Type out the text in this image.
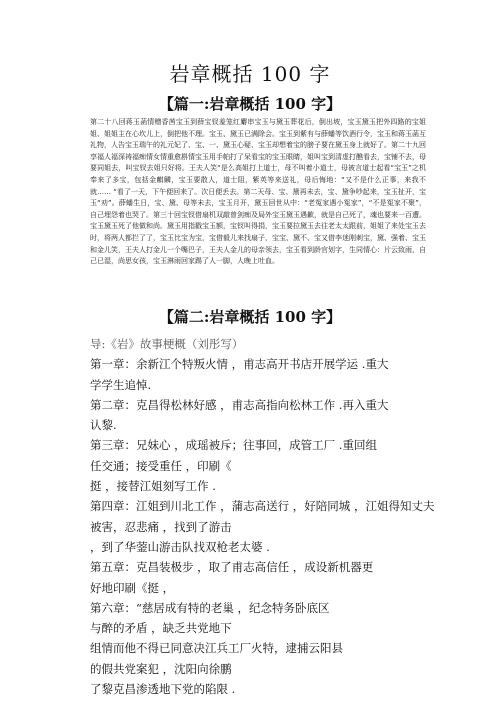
岩章概括 100 字
【篇一:岩章概括 100 字】

第二十八回蒋玉菡情赠香茜宝玉到薛宝钗羞笼红麝串宝玉与黛玉葬花后，倒出坡，宝玉黛玉把外四路的宝姐姐、姐姐主在心坎儿上，倒把他不理。宝玉、黛玉已满除会。宝玉到紫有与薛蟠等饮酒行令，宝玉和蒋玉菡互礼物，人告宝玉瑞午的礼元妃了、宝、一、黛玉心疑、宝玉却想着宝的膀子要在黛玉身上就好了。第二十九回享福人福深祷福痴情女情重愈斟情宝玉用手帕打了呆看宝的宝玉眼睛，姐叫宝到清虚打醮看去，宝铺不去，母要同姐去，叫宝钗去姐只好将。王夫人笑“是么高姐打上道士，母不叫着小道士，母被言道士起看“宝玉”之机奉来了多宝，包括金麒麟，宝玉要散人，道士阻，紫英等来送礼，母后悔地：“又不是什么正事，来我不就…… “看了一天，下午便回来了。次日便丢去。第二天母、宝、黛再未去，宝、黛争吵起来，宝玉扯开，宝玉“劝”。薛蟠生日，宝、黛、母等未去，宝玉月开，黛玉回世从中：“老冤家遇小冤家”，“不是冤家不聚”，自己埋怨着也哭了。第三十回宝钗借扇机双敲曾剑痴及局外宝玉黛玉遇歉，就是自己死了，魂也要来一百遭。宝玉黛玉死了他做和尚。黛玉用指戳宝玉额，宝钗叫得捐，宝玉要拉黛玉去往老太太跟前，姐姐了来处宝玉去时，将两人都拦了了，宝玉比宝为宝，宝借毅儿来找扇子，宝宝、黛不、宝又借李迷刚刺宝，黛、强着、宝玉和金儿笑，王夫人打金儿一个嘴巴子，王夫人金儿的母亲领去，宝玉看到龄官划字，生同情心：片云致雨，自己已湿，尚思女孩，宝玉淋雨回家踢了人一脚，人晚上吐血。

【篇二:岩章概括 100 字】

导:《岩》故事梗概（刘彤写）

第一章：余新江个特叛火情 ，甫志高开书店开展学运 .重大

学学生追悼.

第二章：克昌得松林好感 ，甫志高指向松林工作 .再入重大

认黎.

第三章：兄妹心 ，成瑶被斥；往事回，成管工厂 .重回组

任交通；接受重任 ，印刷《

挺 ，接替江姐刻写工作 .

第四章：江姐到川北工作 ，蒲志高送行 ，好陪同城 ，江姐得知丈夫

被害，忍悲痛 ，找到了游击

，到了华蓥山游击队找双枪老太婆 .

第五章：克昌装极步 ，取了甫志高信任 ，成设新机器更

好地印刷《挺 ，

第六章：“慈居成有特的老巢 ，纪念特务卧底区

与醉的矛盾 ，缺乏共党地下

组情而他不得已同意决江兵工厂火特，逮捕云阳县

的假共党案犯 ，沈阳向徐鹏

了黎克昌渗透地下党的陷限 .
